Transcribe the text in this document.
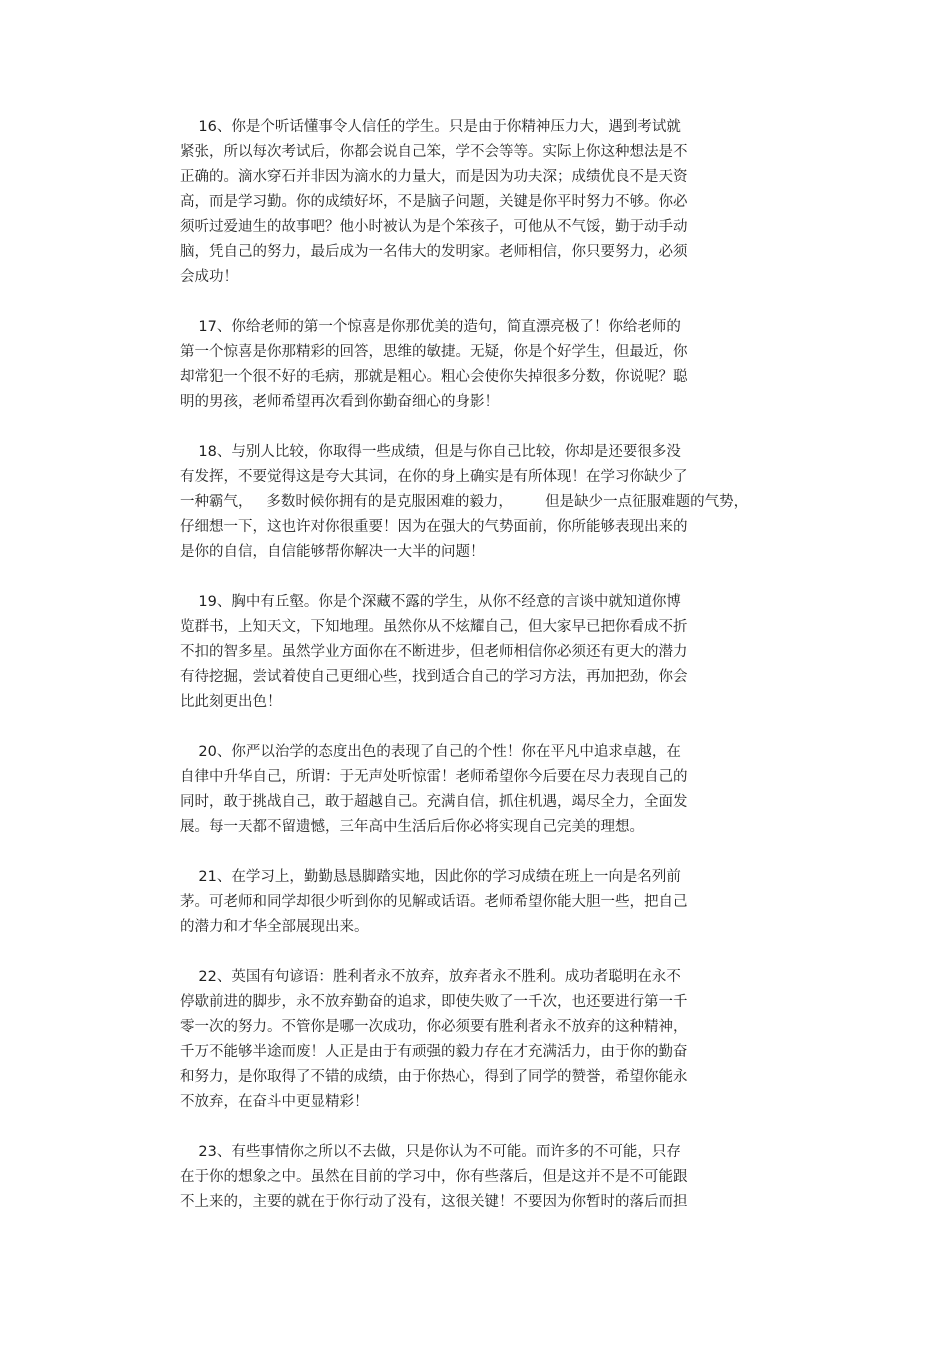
16、你是个听话懂事令人信任的学生。只是由于你精神压力大，遇到考试就
紧张，所以每次考试后，你都会说自己笨，学不会等等。实际上你这种想法是不
正确的。滴水穿石并非因为滴水的力量大，而是因为功夫深；成绩优良不是天资
高，而是学习勤。你的成绩好坏，不是脑子问题，关键是你平时努力不够。你必
须听过爱迪生的故事吧？他小时被认为是个笨孩子，可他从不气馁，勤于动手动
脑，凭自己的努力，最后成为一名伟大的发明家。老师相信，你只要努力，必须
会成功！
17、你给老师的第一个惊喜是你那优美的造句，简直漂亮极了！你给老师的
第一个惊喜是你那精彩的回答，思维的敏捷。无疑，你是个好学生，但最近，你
却常犯一个很不好的毛病，那就是粗心。粗心会使你失掉很多分数，你说呢？聪
明的男孩，老师希望再次看到你勤奋细心的身影！
18、与别人比较，你取得一些成绩，但是与你自己比较，你却是还要很多没
有发挥，不要觉得这是夸大其词，在你的身上确实是有所体现！在学习你缺少了
一种霸气，   多数时候你拥有的是克服困难的毅力，       但是缺少一点征服难题的气势，
仔细想一下，这也许对你很重要！因为在强大的气势面前，你所能够表现出来的
是你的自信，自信能够帮你解决一大半的问题！
19、胸中有丘壑。你是个深藏不露的学生，从你不经意的言谈中就知道你博
览群书，上知天文，下知地理。虽然你从不炫耀自己，但大家早已把你看成不折
不扣的智多星。虽然学业方面你在不断进步，但老师相信你必须还有更大的潜力
有待挖掘，尝试着使自己更细心些，找到适合自己的学习方法，再加把劲，你会
比此刻更出色！
20、你严以治学的态度出色的表现了自己的个性！你在平凡中追求卓越，在
自律中升华自己，所谓：于无声处听惊雷！老师希望你今后要在尽力表现自己的
同时，敢于挑战自己，敢于超越自己。充满自信，抓住机遇，竭尽全力，全面发
展。每一天都不留遗憾，三年高中生活后后你必将实现自己完美的理想。
21、在学习上，勤勤恳恳脚踏实地，因此你的学习成绩在班上一向是名列前
茅。可老师和同学却很少听到你的见解或话语。老师希望你能大胆一些，把自己
的潜力和才华全部展现出来。
22、英国有句谚语：胜利者永不放弃，放弃者永不胜利。成功者聪明在永不
停歇前进的脚步，永不放弃勤奋的追求，即使失败了一千次，也还要进行第一千
零一次的努力。不管你是哪一次成功，你必须要有胜利者永不放弃的这种精神，
千万不能够半途而废！人正是由于有顽强的毅力存在才充满活力，由于你的勤奋
和努力，是你取得了不错的成绩，由于你热心，得到了同学的赞誉，希望你能永
不放弃，在奋斗中更显精彩！
23、有些事情你之所以不去做，只是你认为不可能。而许多的不可能，只存
在于你的想象之中。虽然在目前的学习中，你有些落后，但是这并不是不可能跟
不上来的，主要的就在于你行动了没有，这很关键！不要因为你暂时的落后而担
